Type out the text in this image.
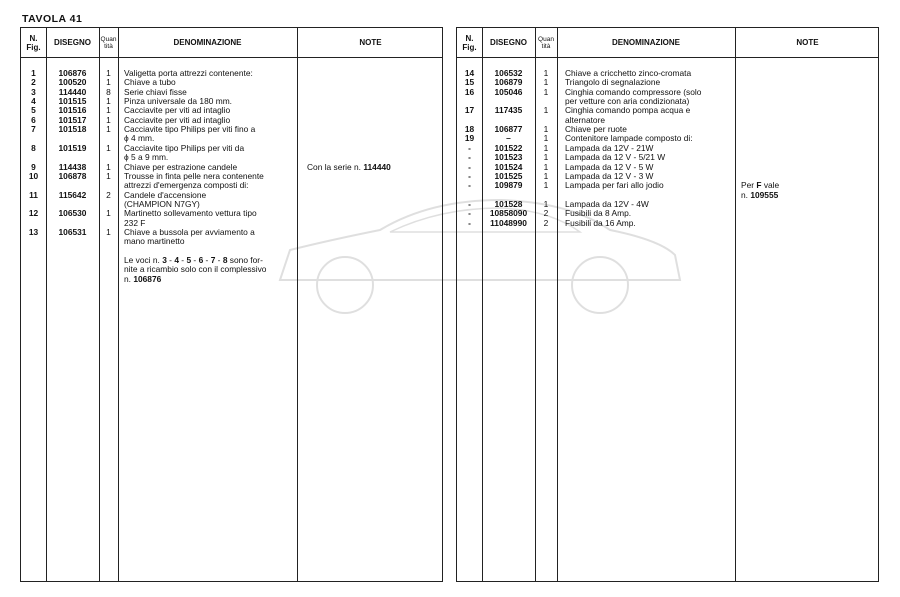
TAVOLA 41
N.
Fig.	DISEGNO	Quan
tità	DENOMINAZIONE	NOTE
1	106876	1	Valigetta porta attrezzi contenente:
2	100520	1	Chiave a tubo
3	114440	8	Serie chiavi fisse
4	101515	1	Pinza universale da 180 mm.
5	101516	1	Cacciavite per viti ad intaglio
6	101517	1	Cacciavite per viti ad intaglio
7	101518	1	Cacciavite tipo Philips per viti fino a
ϕ 4 mm.
8	101519	1	Cacciavite tipo Philips per viti da
ϕ 5 a 9 mm.
9	114438	1	Chiave per estrazione candele	Con la serie n. 114440
10	106878	1	Trousse in finta pelle nera contenente
attrezzi d'emergenza composti di:
11	115642	2	Candele d'accensione
(CHAMPION N7GY)
12	106530	1	Martinetto sollevamento vettura tipo
232 F
13	106531	1	Chiave a bussola per avviamento a
mano martinetto
Le voci n. 3 - 4 - 5 - 6 - 7 - 8 sono for-
nite a ricambio solo con il complessivo
n. 106876
N.
Fig.	DISEGNO	Quan
tità	DENOMINAZIONE	NOTE
14	106532	1	Chiave a cricchetto zinco-cromata
15	106879	1	Triangolo di segnalazione
16	105046	1	Cinghia comando compressore (solo
per vetture con aria condizionata)
17	117435	1	Cinghia comando pompa acqua e
alternatore
18	106877	1	Chiave per ruote
19	–	1	Contenitore lampade composto di:
-	101522	1	Lampada da 12V - 21W
-	101523	1	Lampada da 12 V - 5/21 W
-	101524	1	Lampada da 12 V - 5 W
-	101525	1	Lampada da 12 V - 3 W
-	109879	1	Lampada per fari allo jodio	Per F vale
n. 109555
-	101528	1	Lampada da 12V - 4W
-	10858090	2	Fusibili da 8 Amp.
-	11048990	2	Fusibili da 16 Amp.
